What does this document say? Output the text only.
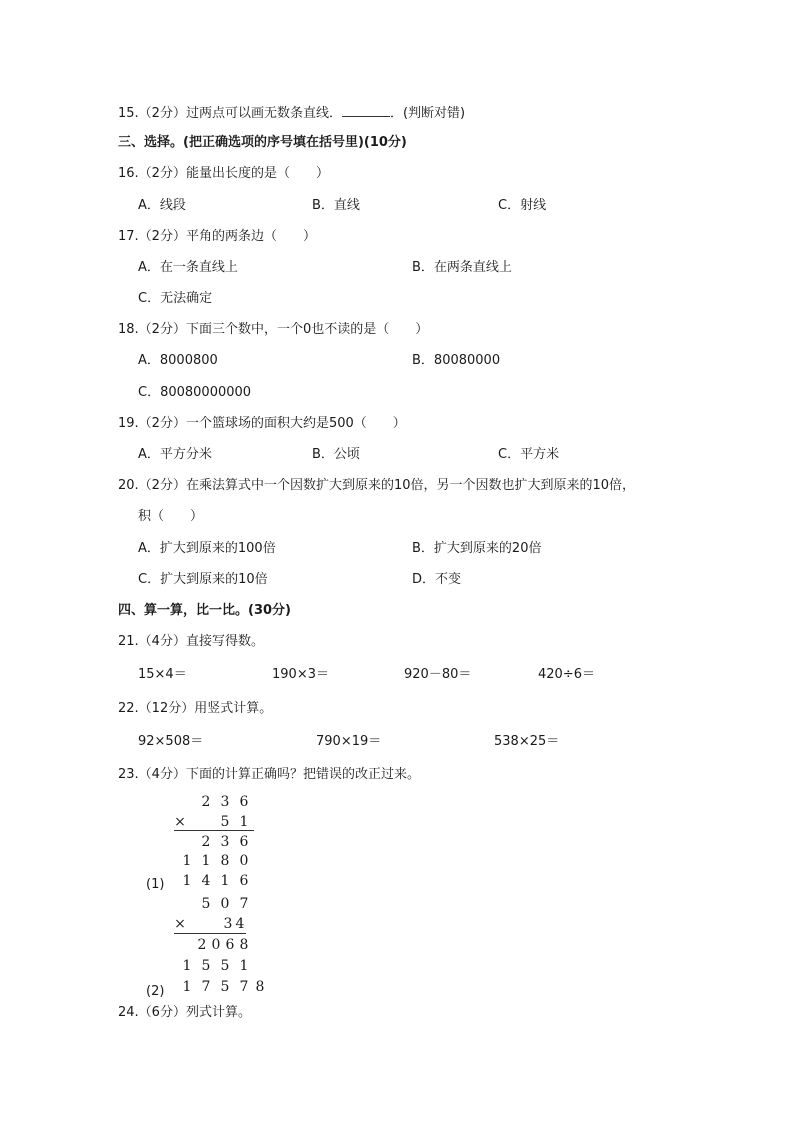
15.（2分）过两点可以画无数条直线．	．(判断对错)
三、选择。(把正确选项的序号填在括号里)(10分)
16.（2分）能量出长度的是（　　）
A．线段	B．直线	C．射线
17.（2分）平角的两条边（　　）
A．在一条直线上	B．在两条直线上
C．无法确定
18.（2分）下面三个数中，一个0也不读的是（　　）
A．8000800	B．80080000
C．80080000000
19.（2分）一个篮球场的面积大约是500（　　）
A．平方分米	B．公顷	C．平方米
20.（2分）在乘法算式中一个因数扩大到原来的10倍，另一个因数也扩大到原来的10倍，
积（　　）
A．扩大到原来的100倍	B．扩大到原来的20倍
C．扩大到原来的10倍	D．不变
四、算一算，比一比。(30分)
21.（4分）直接写得数。
15×4＝	190×3＝	920－80＝	420÷6＝
22.（12分）用竖式计算。
92×508＝	790×19＝	538×25＝
23.（4分）下面的计算正确吗？把错误的改正过来。
2 3 6
×	5 1
2 3 6
1 1 8 0
1 4 1 6
(1)
5 0 7
×	3 4
2 0 6 8
1 5 5 1
1 7 5 7 8
(2)
24.（6分）列式计算。
